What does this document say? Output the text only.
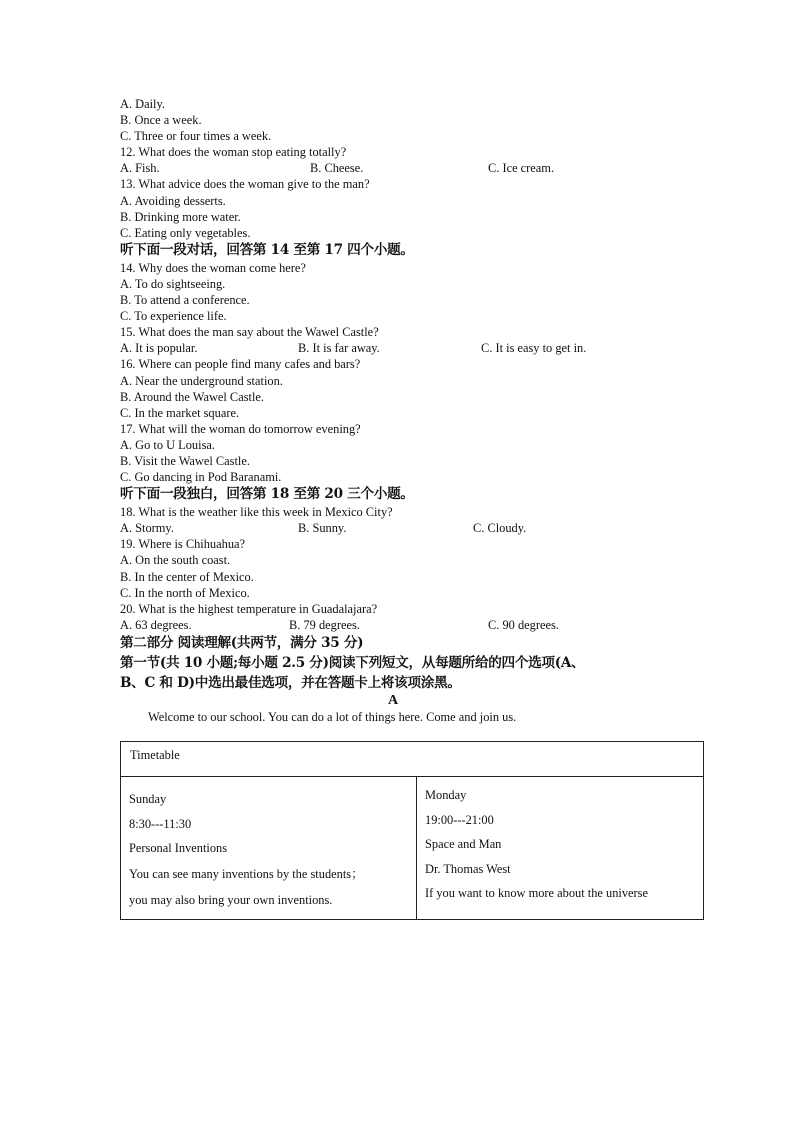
A. Daily.
B. Once a week.
C. Three or four times a week.
12. What does the woman stop eating totally?
A. Fish.	B. Cheese.	C. Ice cream.
13. What advice does the woman give to the man?
A. Avoiding desserts.
B. Drinking more water.
C. Eating only vegetables.
听下面一段对话，回答第 14 至第 17 四个小题。
14. Why does the woman come here?
A. To do sightseeing.
B. To attend a conference.
C. To experience life.
15. What does the man say about the Wawel Castle?
A. It is popular.	B. It is far away.	C. It is easy to get in.
16. Where can people find many cafes and bars?
A. Near the underground station.
B. Around the Wawel Castle.
C. In the market square.
17. What will the woman do tomorrow evening?
A. Go to U Louisa.
B. Visit the Wawel Castle.
C. Go dancing in Pod Baranami.
听下面一段独白，回答第 18 至第 20 三个小题。
18. What is the weather like this week in Mexico City?
A. Stormy.	B. Sunny.	C. Cloudy.
19. Where is Chihuahua?
A. On the south coast.
B. In the center of Mexico.
C. In the north of Mexico.
20. What is the highest temperature in Guadalajara?
A. 63 degrees.	B. 79 degrees.	C. 90 degrees.
第二部分 阅读理解(共两节，满分 35 分)
第一节(共 10 小题;每小题 2.5 分)阅读下列短文，从每题所给的四个选项(A、
B、C 和 D)中选出最佳选项，并在答题卡上将该项涂黑。
A
Welcome to our school. You can do a lot of things here. Come and join us.
Timetable

Sunday
8:30---11:30
Personal Inventions
You can see many inventions by the students；
you may also bring your own inventions.

Monday
19:00---21:00
Space and Man
Dr. Thomas West
If you want to know more about the universe
